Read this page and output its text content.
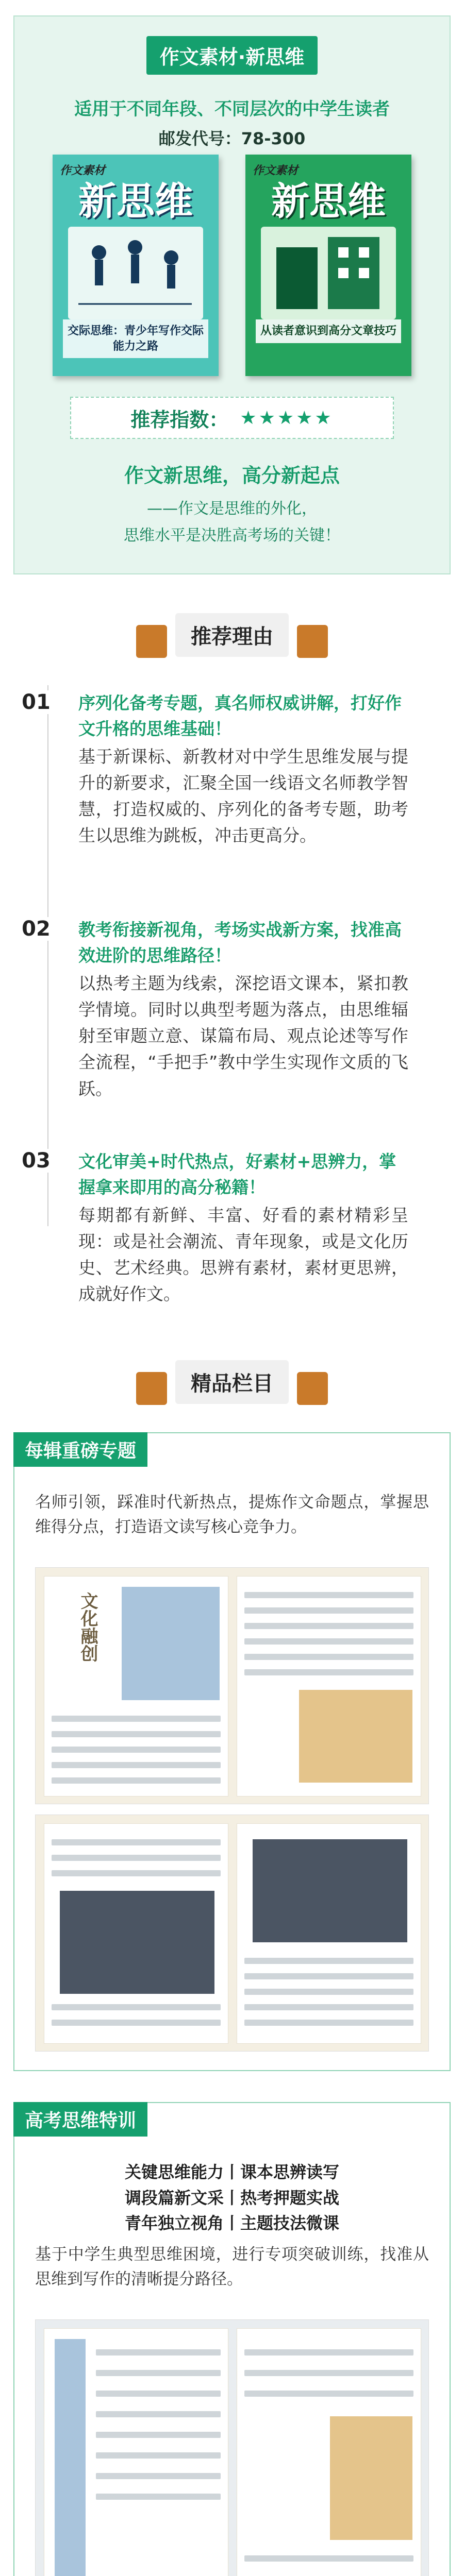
作文素材·新思维
适用于不同年段、不同层次的中学生读者
邮发代号：78-300
作文素材
新思维
交际思维：青少年写作交际能力之路
作文素材
新思维
从读者意识到高分文章技巧
推荐指数： ★★★★★
作文新思维，高分新起点
——作文是思维的外化，
思维水平是决胜高考场的关键！
推荐理由
01 序列化备考专题，真名师权威讲解，打好作文升格的思维基础！
基于新课标、新教材对中学生思维发展与提升的新要求，汇聚全国一线语文名师教学智慧，打造权威的、序列化的备考专题，助考生以思维为跳板，冲击更高分。
02 教考衔接新视角，考场实战新方案，找准高效进阶的思维路径！
以热考主题为线索，深挖语文课本，紧扣教学情境。同时以典型考题为落点，由思维辐射至审题立意、谋篇布局、观点论述等写作全流程，“手把手”教中学生实现作文质的飞跃。
03 文化审美+时代热点，好素材+思辨力，掌握拿来即用的高分秘籍！
每期都有新鲜、丰富、好看的素材精彩呈现：或是社会潮流、青年现象，或是文化历史、艺术经典。思辨有素材，素材更思辨，成就好作文。
精品栏目
每辑重磅专题
名师引领，踩准时代新热点，提炼作文命题点，掌握思维得分点，打造语文读写核心竞争力。
文化融创
高考思维特训
关键思维能力丨课本思辨读写
调段篇新文采丨热考押题实战
青年独立视角丨主题技法微课
基于中学生典型思维困境，进行专项突破训练，找准从思维到写作的清晰提分路径。
